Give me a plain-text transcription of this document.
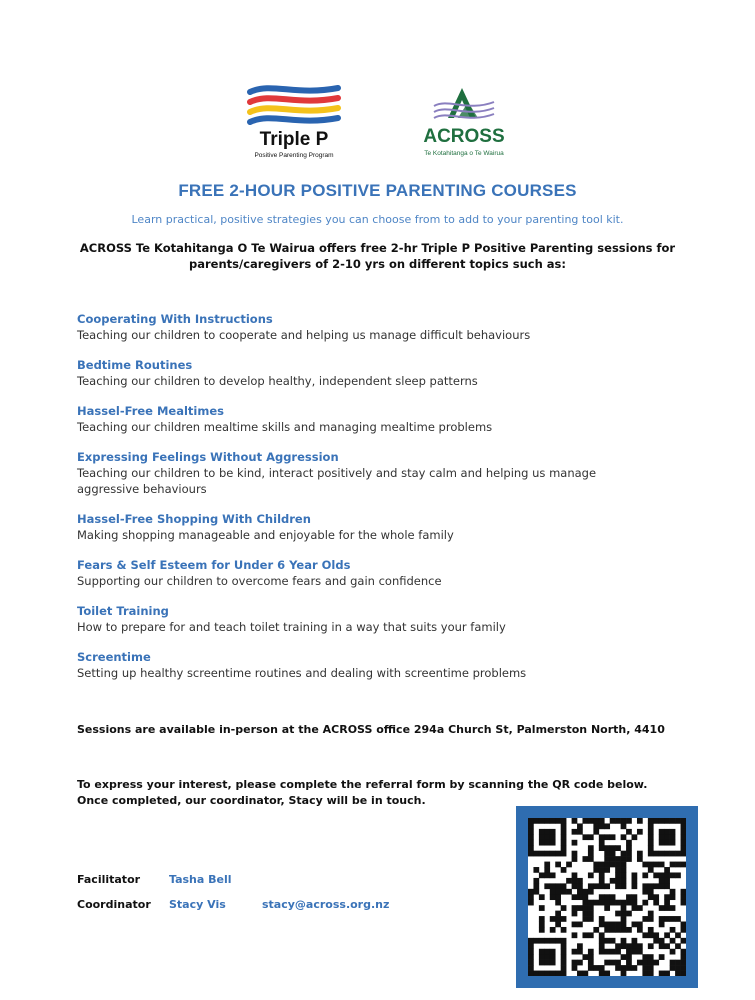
Triple P
Positive Parenting Program
ACROSS
Te Kotahitanga o Te Wairua
FREE 2-HOUR POSITIVE PARENTING COURSES
Learn practical, positive strategies you can choose from to add to your parenting tool kit.
ACROSS Te Kotahitanga O Te Wairua offers free 2-hr Triple P Positive Parenting sessions for parents/caregivers of 2-10 yrs on different topics such as:
Cooperating With Instructions
Teaching our children to cooperate and helping us manage difficult behaviours
Bedtime Routines
Teaching our children to develop healthy, independent sleep patterns
Hassel-Free Mealtimes
Teaching our children mealtime skills and managing mealtime problems
Expressing Feelings Without Aggression
Teaching our children to be kind, interact positively and stay calm and helping us manage aggressive behaviours
Hassel-Free Shopping With Children
Making shopping manageable and enjoyable for the whole family
Fears & Self Esteem for Under 6 Year Olds
Supporting our children to overcome fears and gain confidence
Toilet Training
How to prepare for and teach toilet training in a way that suits your family
Screentime
Setting up healthy screentime routines and dealing with screentime problems
Sessions are available in-person at the ACROSS office 294a Church St, Palmerston North, 4410
To express your interest, please complete the referral form by scanning the QR code below. Once completed, our coordinator, Stacy will be in touch.
Facilitator	Tasha Bell
Coordinator Stacy Vis	stacy@across.org.nz
